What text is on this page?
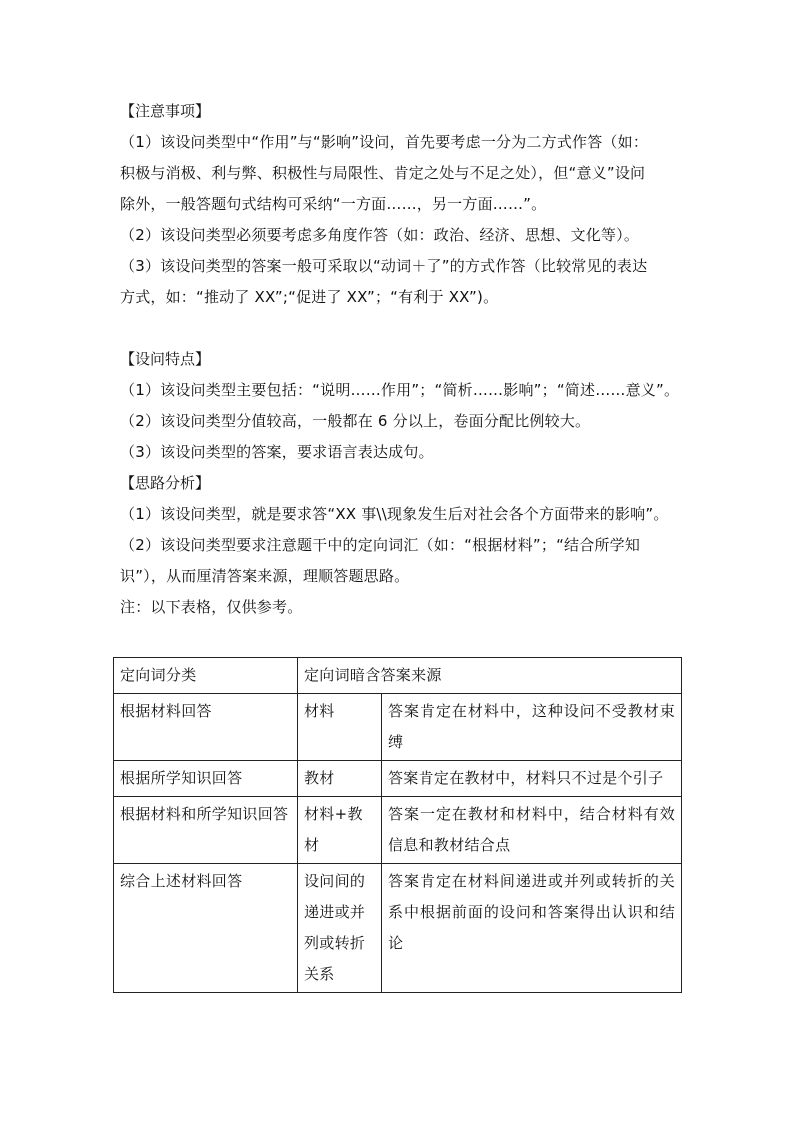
【注意事项】
（1）该设问类型中“作用”与“影响”设问，首先要考虑一分为二方式作答（如：
积极与消极、利与弊、积极性与局限性、肯定之处与不足之处），但“意义”设问
除外，一般答题句式结构可采纳“一方面……，另一方面……”。
（2）该设问类型必须要考虑多角度作答（如：政治、经济、思想、文化等）。
（3）该设问类型的答案一般可采取以“动词＋了”的方式作答（比较常见的表达
方式，如：“推动了 XX”;“促进了 XX”；“有利于 XX”)。
【设问特点】
（1）该设问类型主要包括：“说明……作用”；“简析……影响”；“简述……意义”。
（2）该设问类型分值较高，一般都在 6 分以上，卷面分配比例较大。
（3）该设问类型的答案，要求语言表达成句。
【思路分析】
（1）该设问类型，就是要求答“XX 事\\现象发生后对社会各个方面带来的影响”。
（2）该设问类型要求注意题干中的定向词汇（如：“根据材料”；“结合所学知
识”），从而厘清答案来源，理顺答题思路。
注：以下表格，仅供参考。
定向词分类	定向词暗含答案来源	
根据材料回答	材料	答案肯定在材料中，这种设问不受教材束缚
根据所学知识回答	教材	答案肯定在教材中，材料只不过是个引子
根据材料和所学知识回答	材料+教材	答案一定在教材和材料中，结合材料有效信息和教材结合点
综合上述材料回答	设问间的递进或并列或转折关系	答案肯定在材料间递进或并列或转折的关系中根据前面的设问和答案得出认识和结论
